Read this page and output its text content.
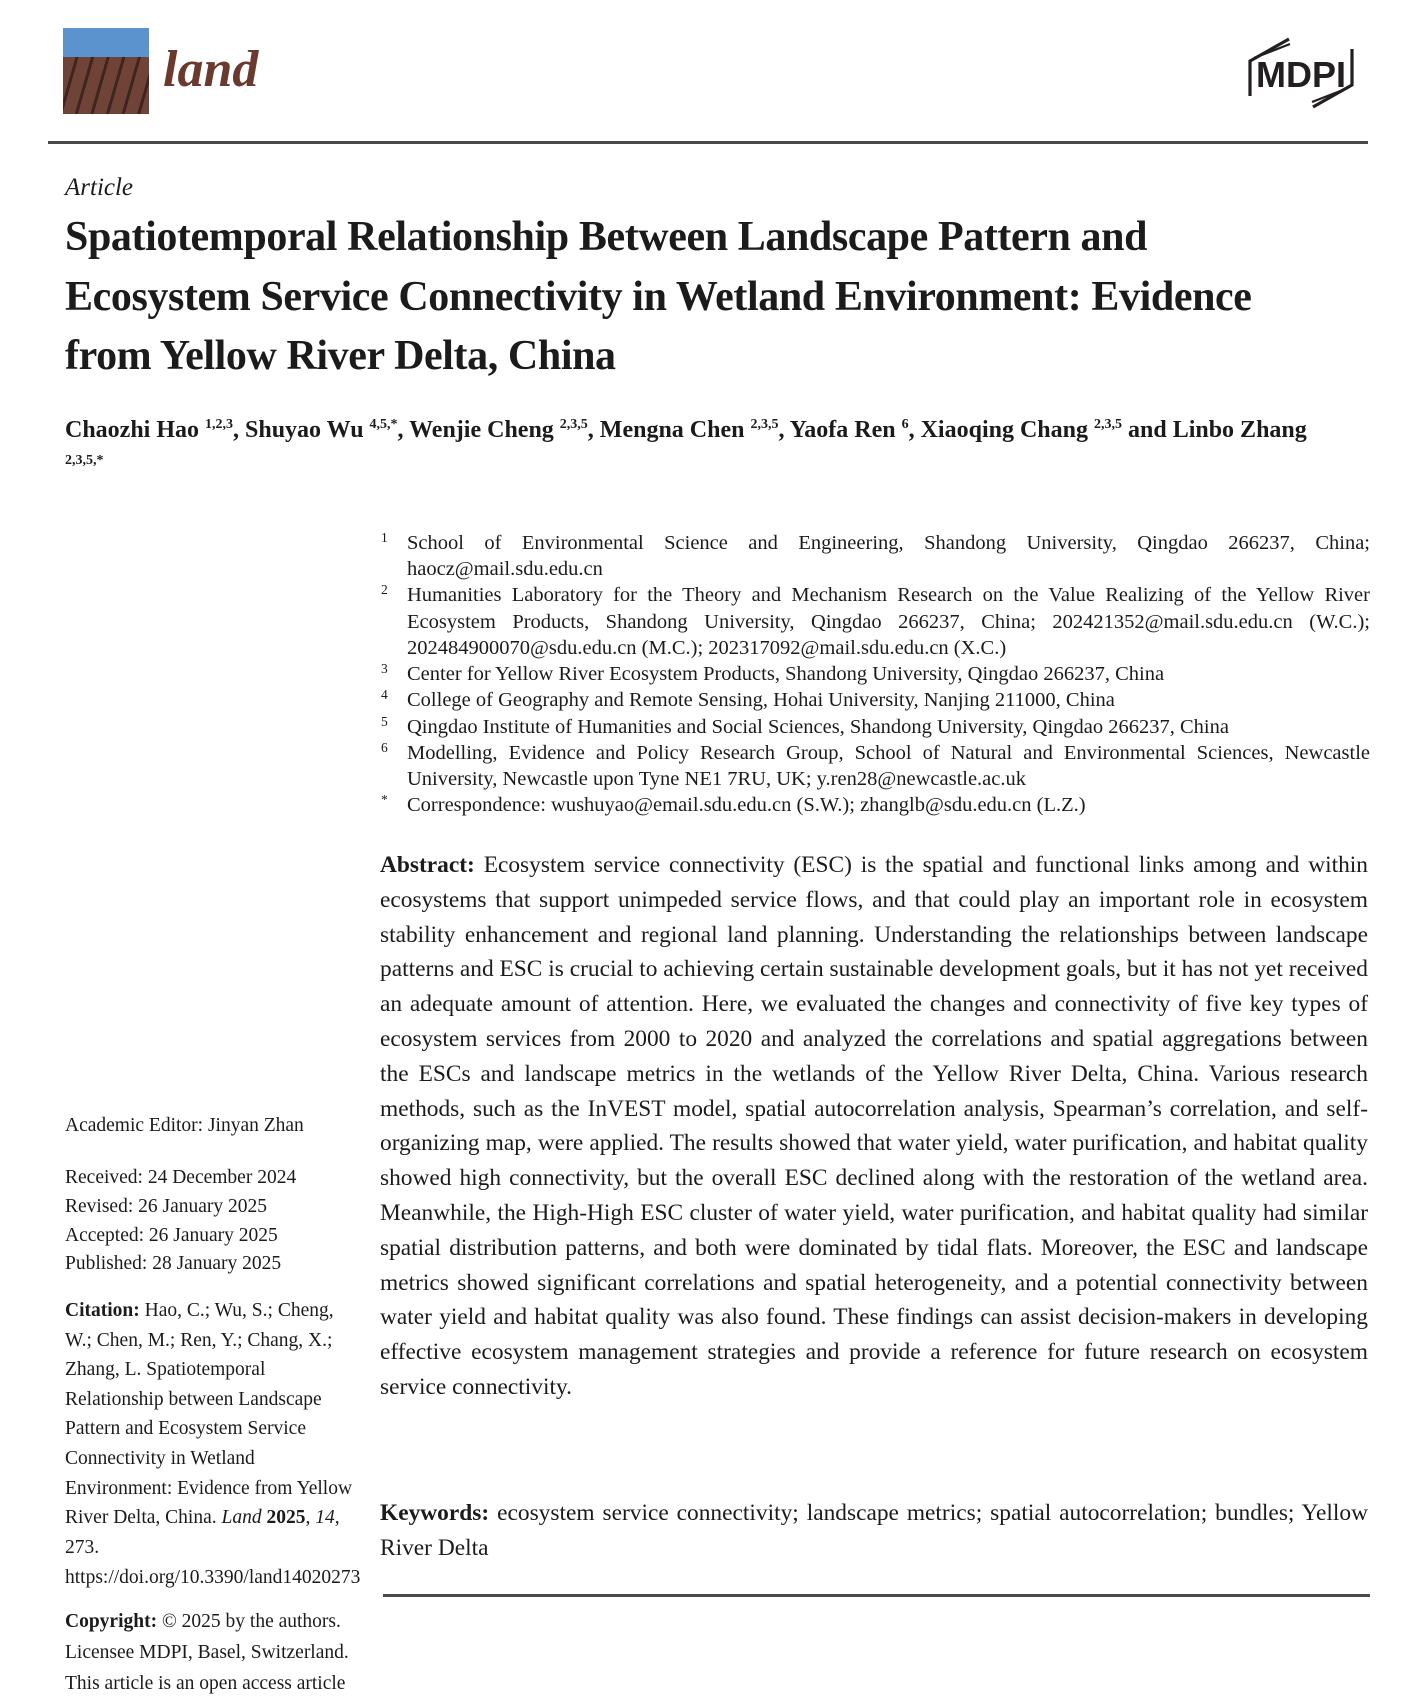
land	MDPI
Article
Spatiotemporal Relationship Between Landscape Pattern and Ecosystem Service Connectivity in Wetland Environment: Evidence from Yellow River Delta, China

Chaozhi Hao $^{1,2,3}$, Shuyao Wu $^{4,5,*}$, Wenjie Cheng $^{2,3,5}$, Mengna Chen $^{2,3,5}$, Yaofa Ren $^6$, Xiaoqing Chang $^{2,3,5}$ and Linbo Zhang $^{2,3,5,*}$

1 School of Environmental Science and Engineering, Shandong University, Qingdao 266237, China; haocz@mail.sdu.edu.cn
2 Humanities Laboratory for the Theory and Mechanism Research on the Value Realizing of the Yellow River Ecosystem Products, Shandong University, Qingdao 266237, China; 202421352@mail.sdu.edu.cn (W.C.); 202484900070@sdu.edu.cn (M.C.); 202317092@mail.sdu.edu.cn (X.C.)
3 Center for Yellow River Ecosystem Products, Shandong University, Qingdao 266237, China
4 College of Geography and Remote Sensing, Hohai University, Nanjing 211000, China
5 Qingdao Institute of Humanities and Social Sciences, Shandong University, Qingdao 266237, China
6 Modelling, Evidence and Policy Research Group, School of Natural and Environmental Sciences, Newcastle University, Newcastle upon Tyne NE1 7RU, UK; y.ren28@newcastle.ac.uk
* Correspondence: wushuyao@email.sdu.edu.cn (S.W.); zhanglb@sdu.edu.cn (L.Z.)

Abstract: Ecosystem service connectivity (ESC) is the spatial and functional links among and within ecosystems that support unimpeded service flows, and that could play an important role in ecosystem stability enhancement and regional land planning. Understanding the relationships between landscape patterns and ESC is crucial to achieving certain sustainable development goals, but it has not yet received an adequate amount of attention. Here, we evaluated the changes and connectivity of five key types of ecosystem services from 2000 to 2020 and analyzed the correlations and spatial aggregations between the ESCs and landscape metrics in the wetlands of the Yellow River Delta, China. Various research methods, such as the InVEST model, spatial autocorrelation analysis, Spearman’s correlation, and self-organizing map, were applied. The results showed that water yield, water purification, and habitat quality showed high connectivity, but the overall ESC declined along with the restoration of the wetland area. Meanwhile, the High-High ESC cluster of water yield, water purification, and habitat quality had similar spatial distribution patterns, and both were dominated by tidal flats. Moreover, the ESC and landscape metrics showed significant correlations and spatial heterogeneity, and a potential connectivity between water yield and habitat quality was also found. These findings can assist decision-makers in developing effective ecosystem management strategies and provide a reference for future research on ecosystem service connectivity.

Keywords: ecosystem service connectivity; landscape metrics; spatial autocorrelation; bundles; Yellow River Delta

Academic Editor: Jinyan Zhan
Received: 24 December 2024
Revised: 26 January 2025
Accepted: 26 January 2025
Published: 28 January 2025
Citation: Hao, C.; Wu, S.; Cheng, W.; Chen, M.; Ren, Y.; Chang, X.; Zhang, L. Spatiotemporal Relationship between Landscape Pattern and Ecosystem Service Connectivity in Wetland Environment: Evidence from Yellow River Delta, China. Land 2025, 14, 273. https://doi.org/10.3390/land14020273
Copyright: © 2025 by the authors. Licensee MDPI, Basel, Switzerland. This article is an open access article
